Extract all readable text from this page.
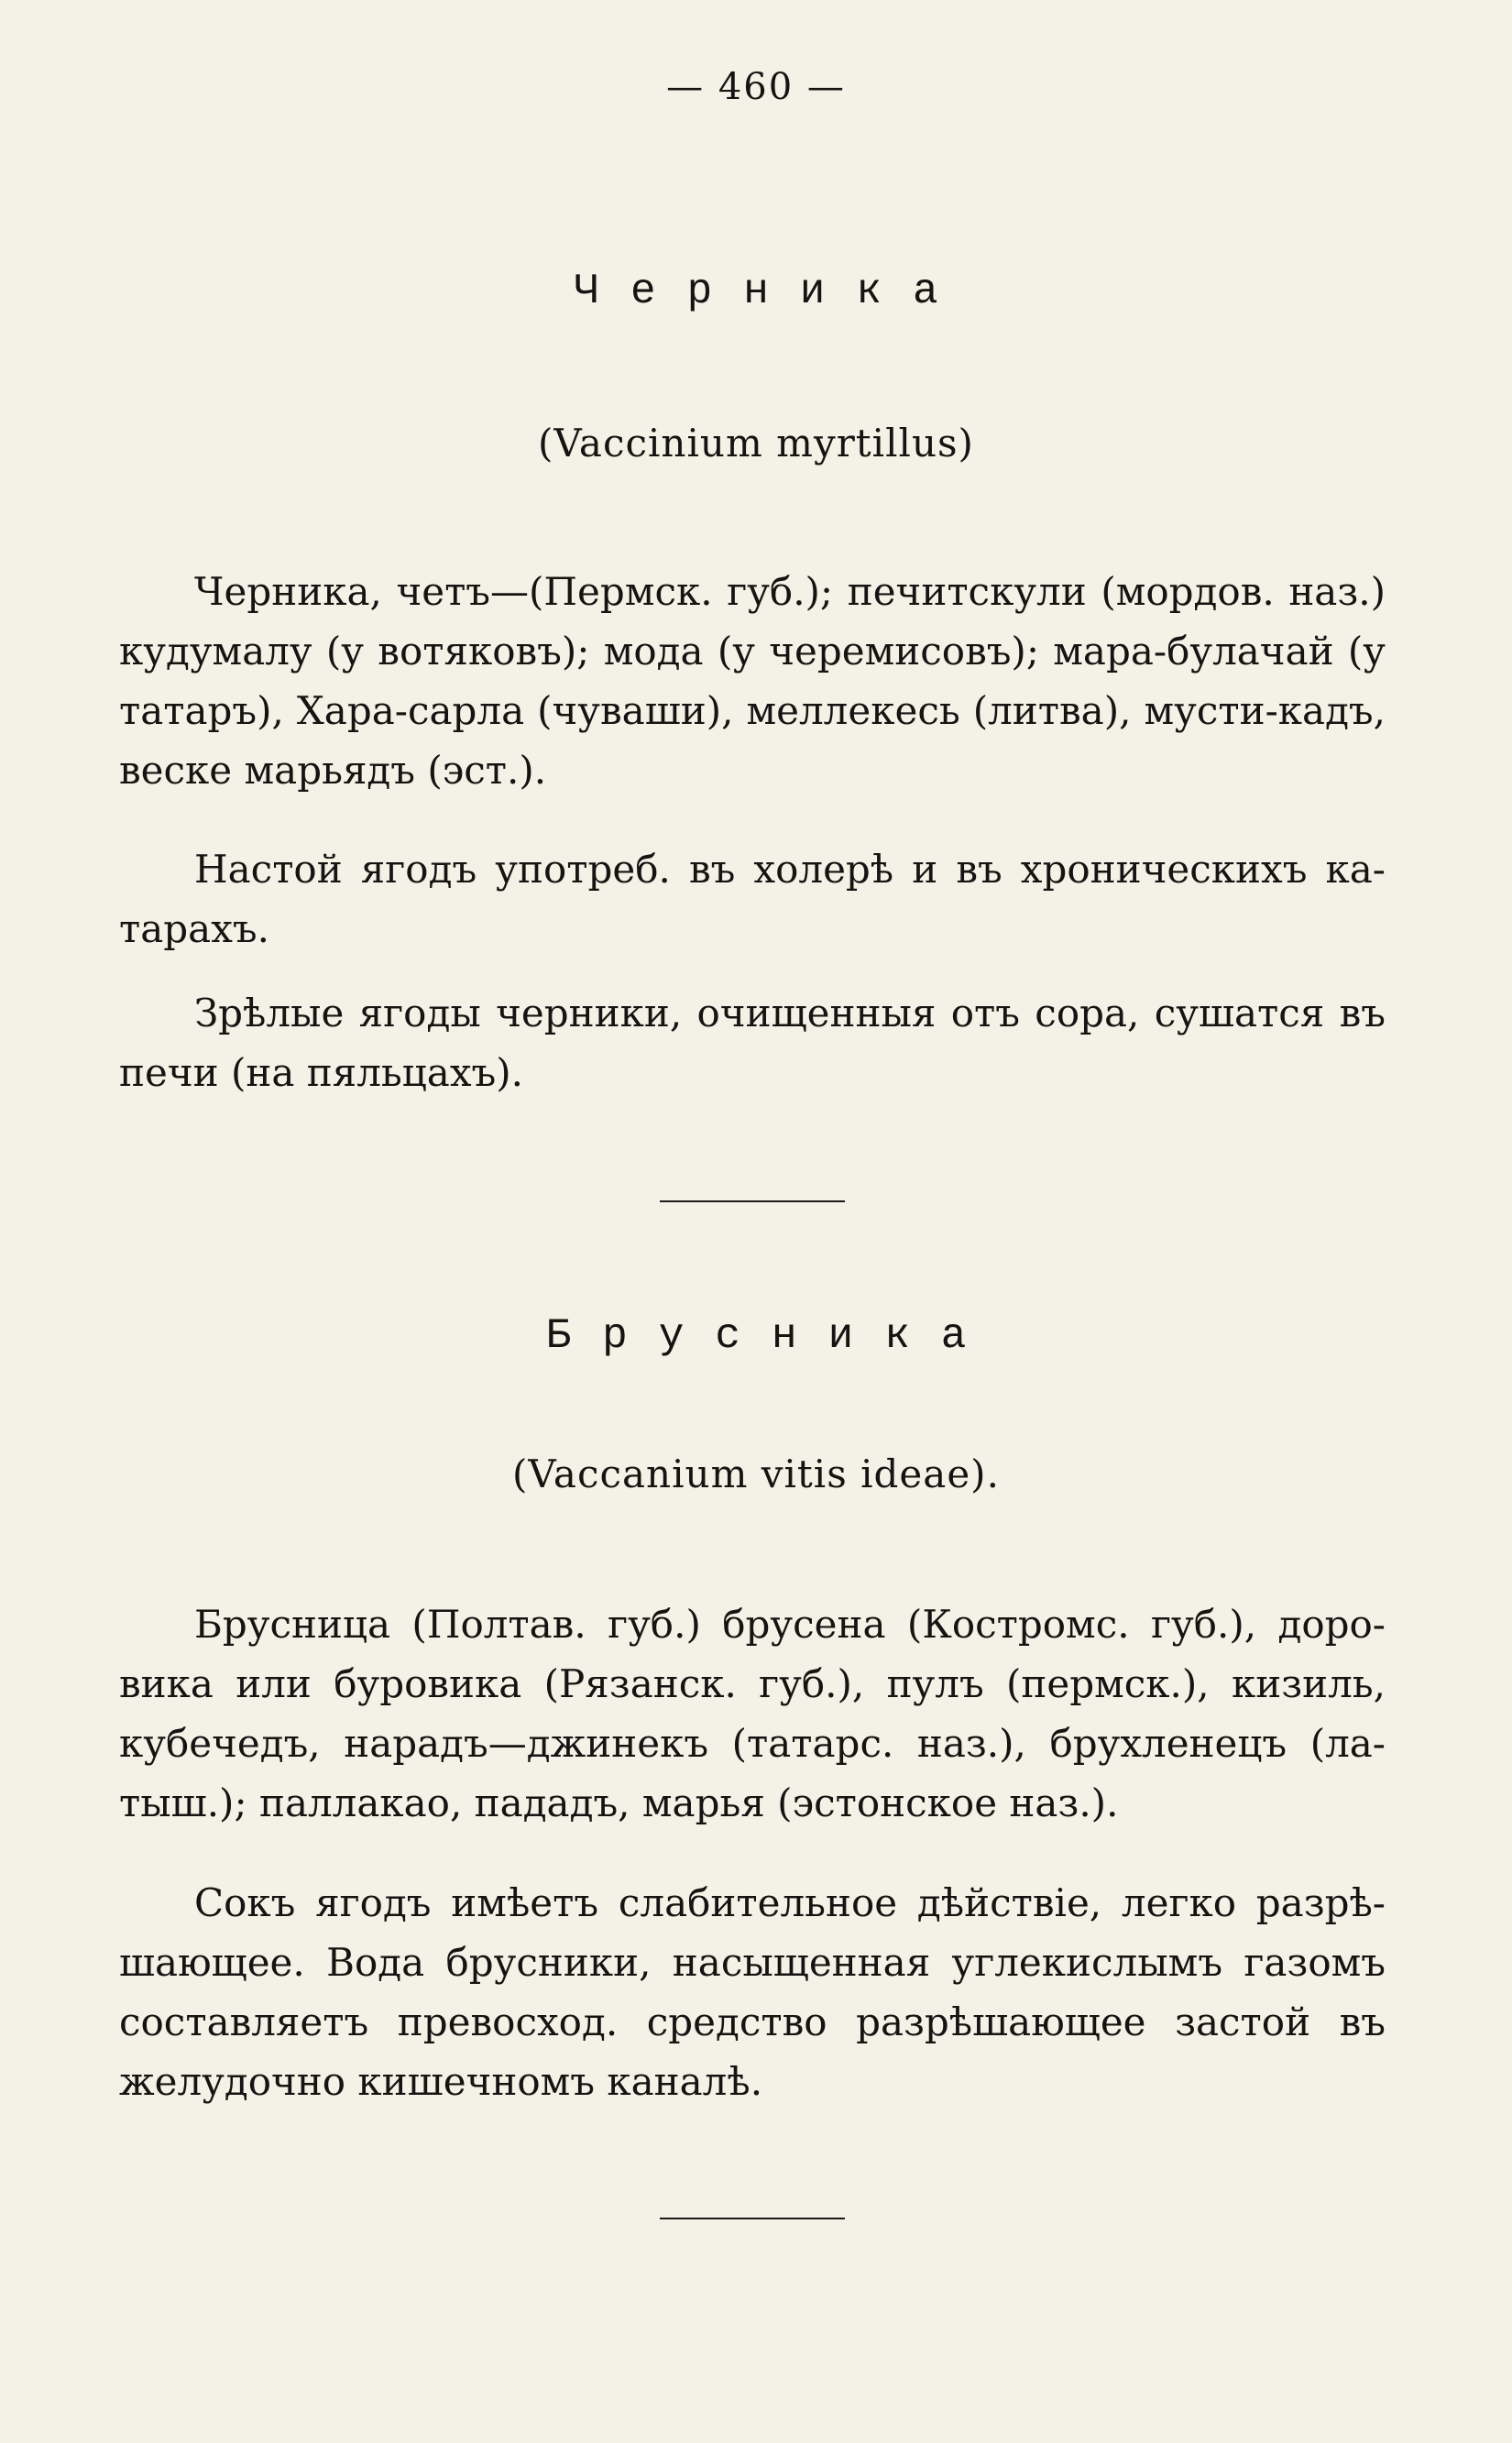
— 460 —
Черника
(Vaccinium myrtillus)

Черника, четъ—(Пермск. губ.); печитскули (мордов. наз.) кудумалу (у вотяковъ); мода (у черемисовъ); мара-булачай (у татаръ), Хара-сарла (чуваши), меллекесь (литва), мусти-кадъ, веске марьядъ (эст.).

Настой ягодъ употреб. въ холерѣ и въ хроническихъ ка-тарахъ.

Зрѣлые ягоды черники, очищенныя отъ сора, сушатся въ печи (на пяльцахъ).

Брусника
(Vaccanium vitis ideae).

Брусница (Полтав. губ.) брусена (Костромс. губ.), доро-вика или буровика (Рязанск. губ.), пулъ (пермск.), кизиль, кубечедъ, нарадъ—джинекъ (татарс. наз.), брухленецъ (ла-тыш.); паллакао, пададъ, марья (эстонское наз.).

Сокъ ягодъ имѣетъ слабительное дѣйствіе, легко разрѣ-шающее. Вода брусники, насыщенная углекислымъ газомъ составляетъ превосход. средство разрѣшающее застой въ желудочно кишечномъ каналѣ.
